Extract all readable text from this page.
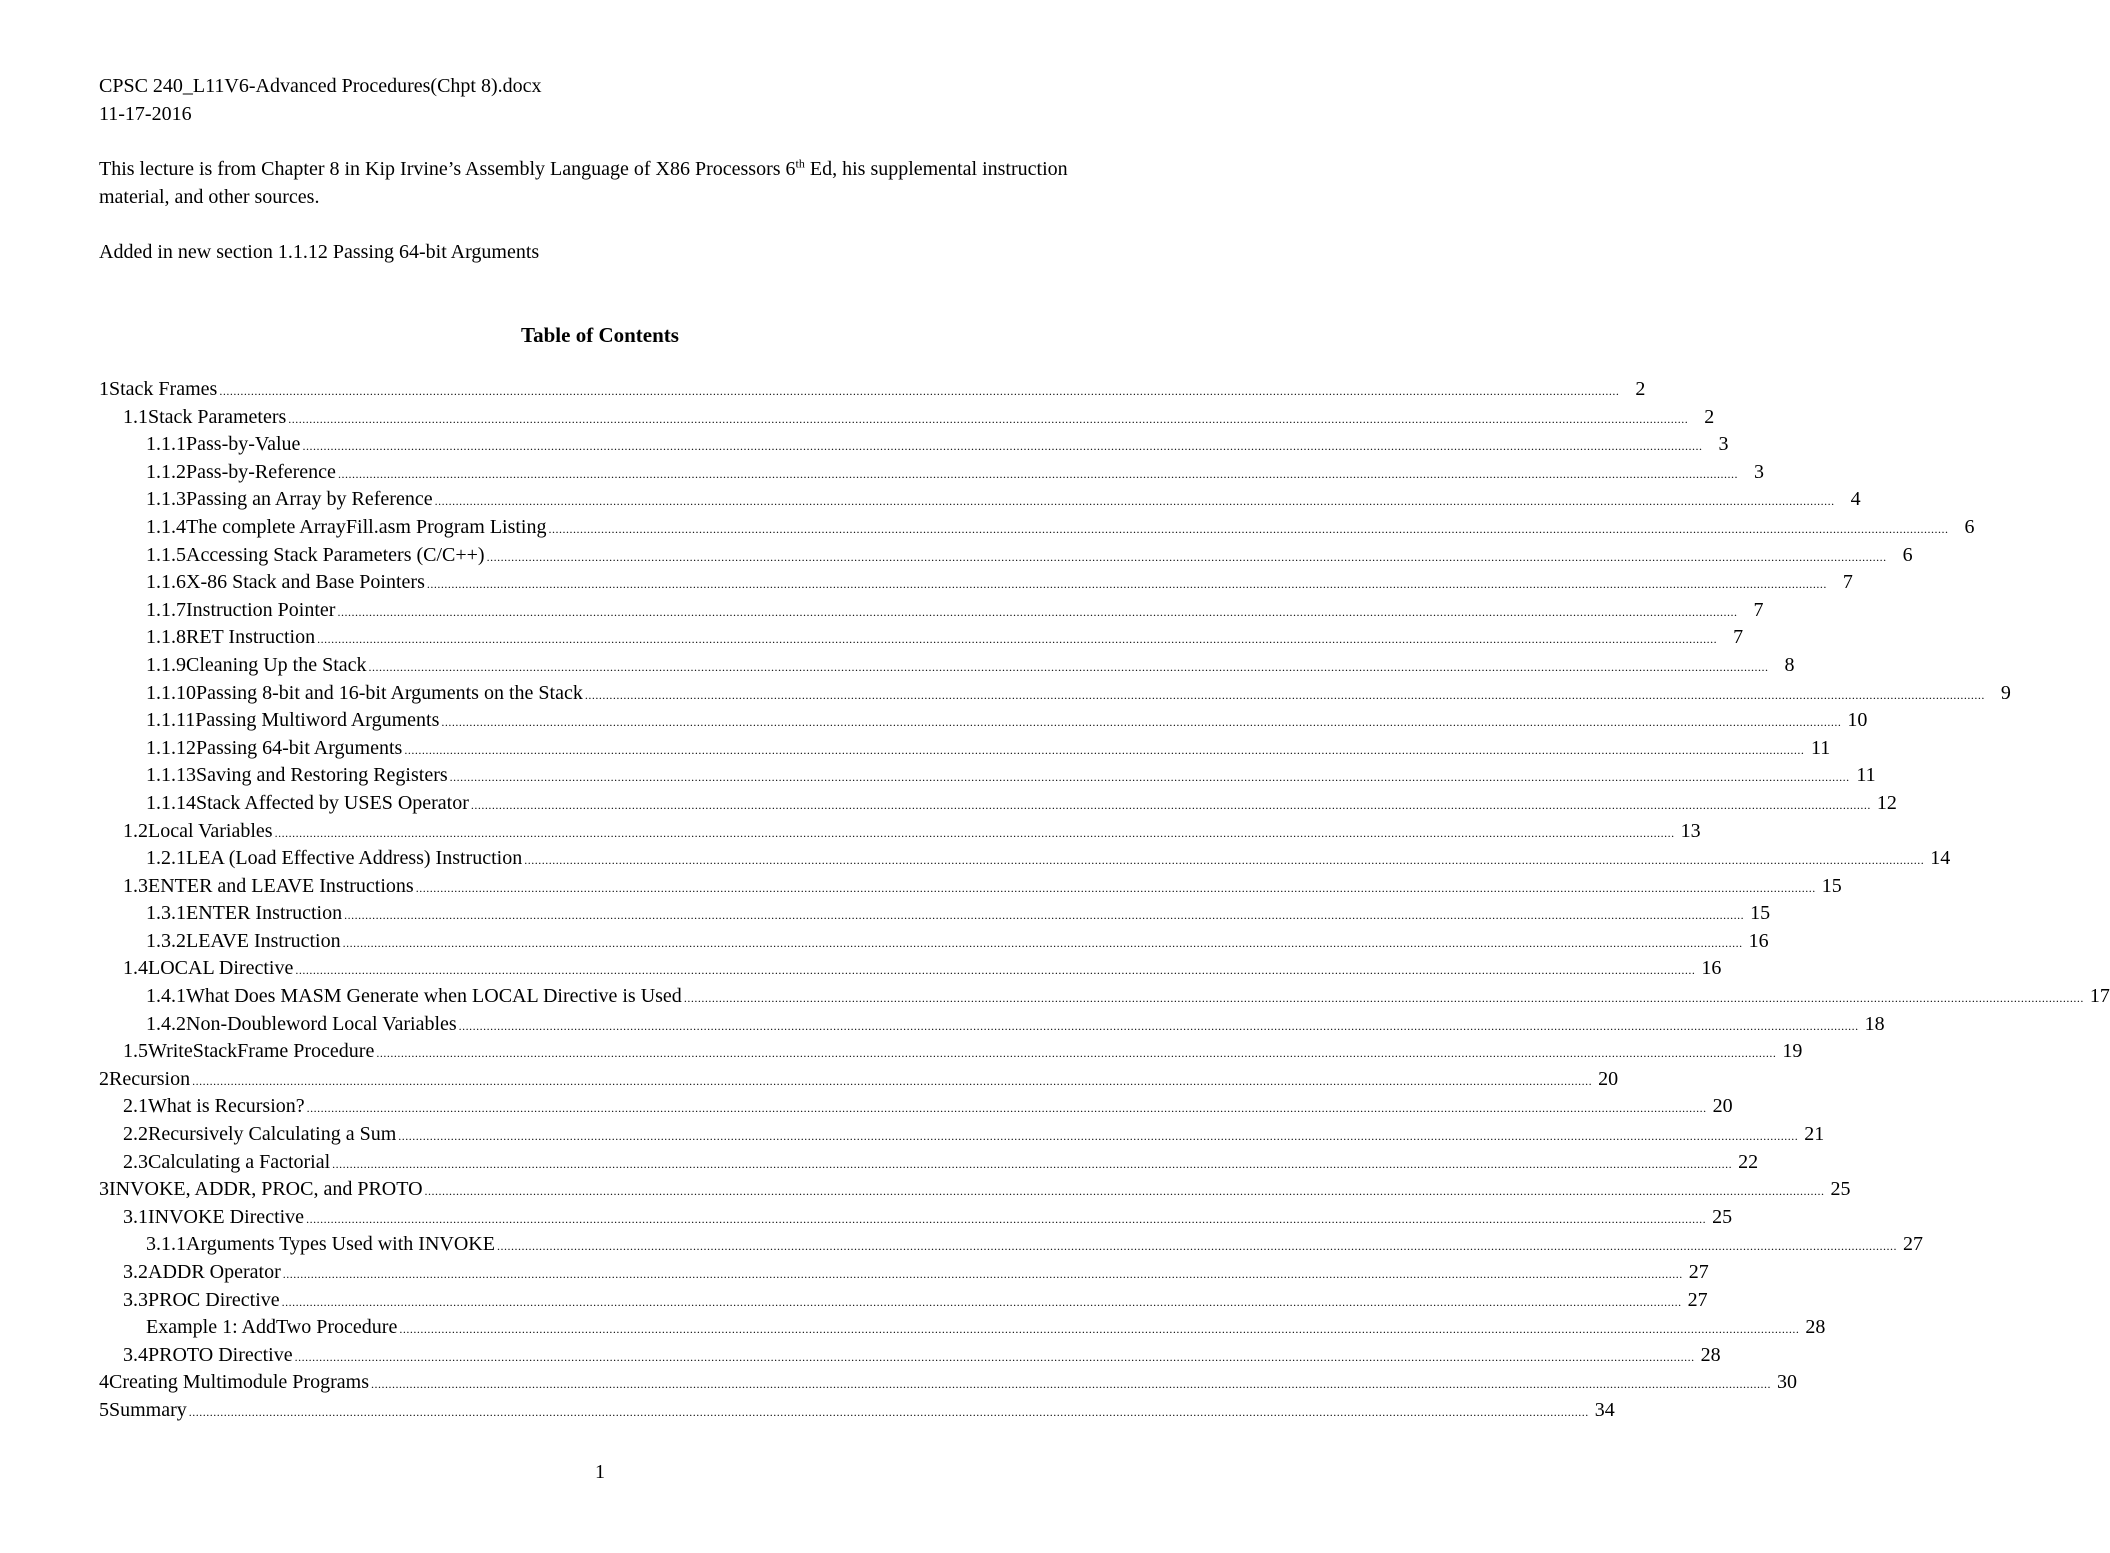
CPSC 240_L11V6-Advanced Procedures(Chpt 8).docx
11-17-2016
This lecture is from Chapter 8 in Kip Irvine’s Assembly Language of X86 Processors 6th Ed, his supplemental instruction material, and other sources.
Added in new section 1.1.12 Passing 64-bit Arguments
Table of Contents
1 Stack Frames ................................................................................................................................................................................................................................................................................................................................................................................................................ 2
1.1 Stack Parameters ................................................................................................................................................................................................................................................................................................................................................................................................................ 2
1.1.1 Pass-by-Value ................................................................................................................................................................................................................................................................................................................................................................................................................ 3
1.1.2 Pass-by-Reference ................................................................................................................................................................................................................................................................................................................................................................................................................ 3
1.1.3 Passing an Array by Reference ................................................................................................................................................................................................................................................................................................................................................................................................................ 4
1.1.4 The complete ArrayFill.asm Program Listing ................................................................................................................................................................................................................................................................................................................................................................................................................ 6
1.1.5 Accessing Stack Parameters (C/C++) ................................................................................................................................................................................................................................................................................................................................................................................................................ 6
1.1.6 X-86 Stack and Base Pointers ................................................................................................................................................................................................................................................................................................................................................................................................................ 7
1.1.7 Instruction Pointer ................................................................................................................................................................................................................................................................................................................................................................................................................ 7
1.1.8 RET Instruction ................................................................................................................................................................................................................................................................................................................................................................................................................ 7
1.1.9 Cleaning Up the Stack ................................................................................................................................................................................................................................................................................................................................................................................................................ 8
1.1.10 Passing 8-bit and 16-bit Arguments on the Stack ................................................................................................................................................................................................................................................................................................................................................................................................................ 9
1.1.11 Passing Multiword Arguments ................................................................................................................................................................................................................................................................................................................................................................................................................ 10
1.1.12 Passing 64-bit Arguments ................................................................................................................................................................................................................................................................................................................................................................................................................ 11
1.1.13 Saving and Restoring Registers ................................................................................................................................................................................................................................................................................................................................................................................................................ 11
1.1.14 Stack Affected by USES Operator ................................................................................................................................................................................................................................................................................................................................................................................................................ 12
1.2 Local Variables ................................................................................................................................................................................................................................................................................................................................................................................................................ 13
1.2.1 LEA (Load Effective Address) Instruction ................................................................................................................................................................................................................................................................................................................................................................................................................ 14
1.3 ENTER and LEAVE Instructions ................................................................................................................................................................................................................................................................................................................................................................................................................ 15
1.3.1 ENTER Instruction ................................................................................................................................................................................................................................................................................................................................................................................................................ 15
1.3.2 LEAVE Instruction ................................................................................................................................................................................................................................................................................................................................................................................................................ 16
1.4 LOCAL Directive ................................................................................................................................................................................................................................................................................................................................................................................................................ 16
1.4.1 What Does MASM Generate when LOCAL Directive is Used ................................................................................................................................................................................................................................................................................................................................................................................................................ 17
1.4.2 Non-Doubleword Local Variables ................................................................................................................................................................................................................................................................................................................................................................................................................ 18
1.5 WriteStackFrame Procedure ................................................................................................................................................................................................................................................................................................................................................................................................................ 19
2 Recursion ................................................................................................................................................................................................................................................................................................................................................................................................................ 20
2.1 What is Recursion? ................................................................................................................................................................................................................................................................................................................................................................................................................ 20
2.2 Recursively Calculating a Sum ................................................................................................................................................................................................................................................................................................................................................................................................................ 21
2.3 Calculating a Factorial ................................................................................................................................................................................................................................................................................................................................................................................................................ 22
3 INVOKE, ADDR, PROC, and PROTO ................................................................................................................................................................................................................................................................................................................................................................................................................ 25
3.1 INVOKE Directive ................................................................................................................................................................................................................................................................................................................................................................................................................ 25
3.1.1 Arguments Types Used with INVOKE ................................................................................................................................................................................................................................................................................................................................................................................................................ 27
3.2 ADDR Operator ................................................................................................................................................................................................................................................................................................................................................................................................................ 27
3.3 PROC Directive ................................................................................................................................................................................................................................................................................................................................................................................................................ 27
Example 1: AddTwo Procedure ................................................................................................................................................................................................................................................................................................................................................................................................................ 28
3.4 PROTO Directive ................................................................................................................................................................................................................................................................................................................................................................................................................ 28
4 Creating Multimodule Programs ................................................................................................................................................................................................................................................................................................................................................................................................................ 30
5 Summary ................................................................................................................................................................................................................................................................................................................................................................................................................ 34
1
